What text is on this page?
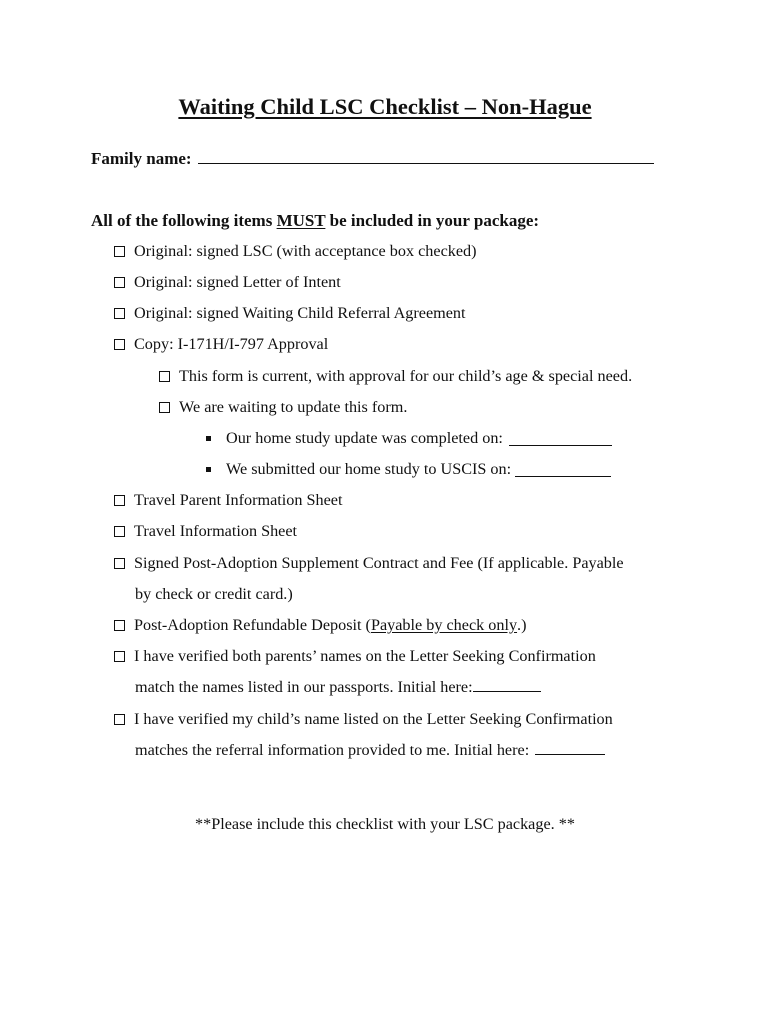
Waiting Child LSC Checklist – Non-Hague
Family name:
All of the following items MUST be included in your package:
Original: signed LSC (with acceptance box checked)
Original: signed Letter of Intent
Original: signed Waiting Child Referral Agreement
Copy: I-171H/I-797 Approval
This form is current, with approval for our child’s age & special need.
We are waiting to update this form.
Our home study update was completed on:
We submitted our home study to USCIS on:
Travel Parent Information Sheet
Travel Information Sheet
Signed Post-Adoption Supplement Contract and Fee (If applicable. Payable
by check or credit card.)
Post-Adoption Refundable Deposit ( Payable by check only .)
I have verified both parents’ names on the Letter Seeking Confirmation
match the names listed in our passports. Initial here:
I have verified my child’s name listed on the Letter Seeking Confirmation
matches the referral information provided to me. Initial here:
**Please include this checklist with your LSC package. **
